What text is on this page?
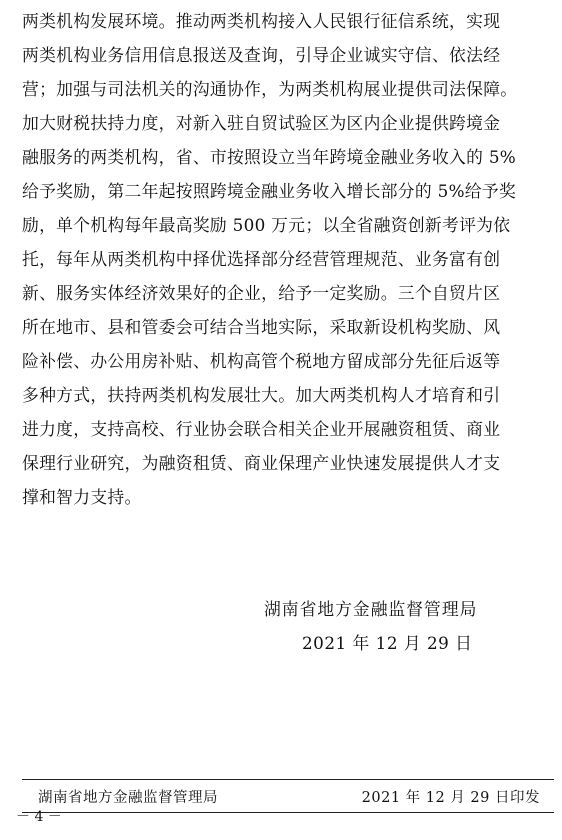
两类机构发展环境。推动两类机构接入人民银行征信系统，实现
两类机构业务信用信息报送及查询，引导企业诚实守信、依法经
营；加强与司法机关的沟通协作，为两类机构展业提供司法保障。
加大财税扶持力度，对新入驻自贸试验区为区内企业提供跨境金
融服务的两类机构，省、市按照设立当年跨境金融业务收入的 5%
给予奖励，第二年起按照跨境金融业务收入增长部分的 5%给予奖
励，单个机构每年最高奖励 500 万元；以全省融资创新考评为依
托，每年从两类机构中择优选择部分经营管理规范、业务富有创
新、服务实体经济效果好的企业，给予一定奖励。三个自贸片区
所在地市、县和管委会可结合当地实际，采取新设机构奖励、风
险补偿、办公用房补贴、机构高管个税地方留成部分先征后返等
多种方式，扶持两类机构发展壮大。加大两类机构人才培育和引
进力度，支持高校、行业协会联合相关企业开展融资租赁、商业
保理行业研究，为融资租赁、商业保理产业快速发展提供人才支
撑和智力支持。
湖南省地方金融监督管理局
2021 年 12 月 29 日
湖南省地方金融监督管理局	2021 年 12 月 29 日印发
－ 4 －
